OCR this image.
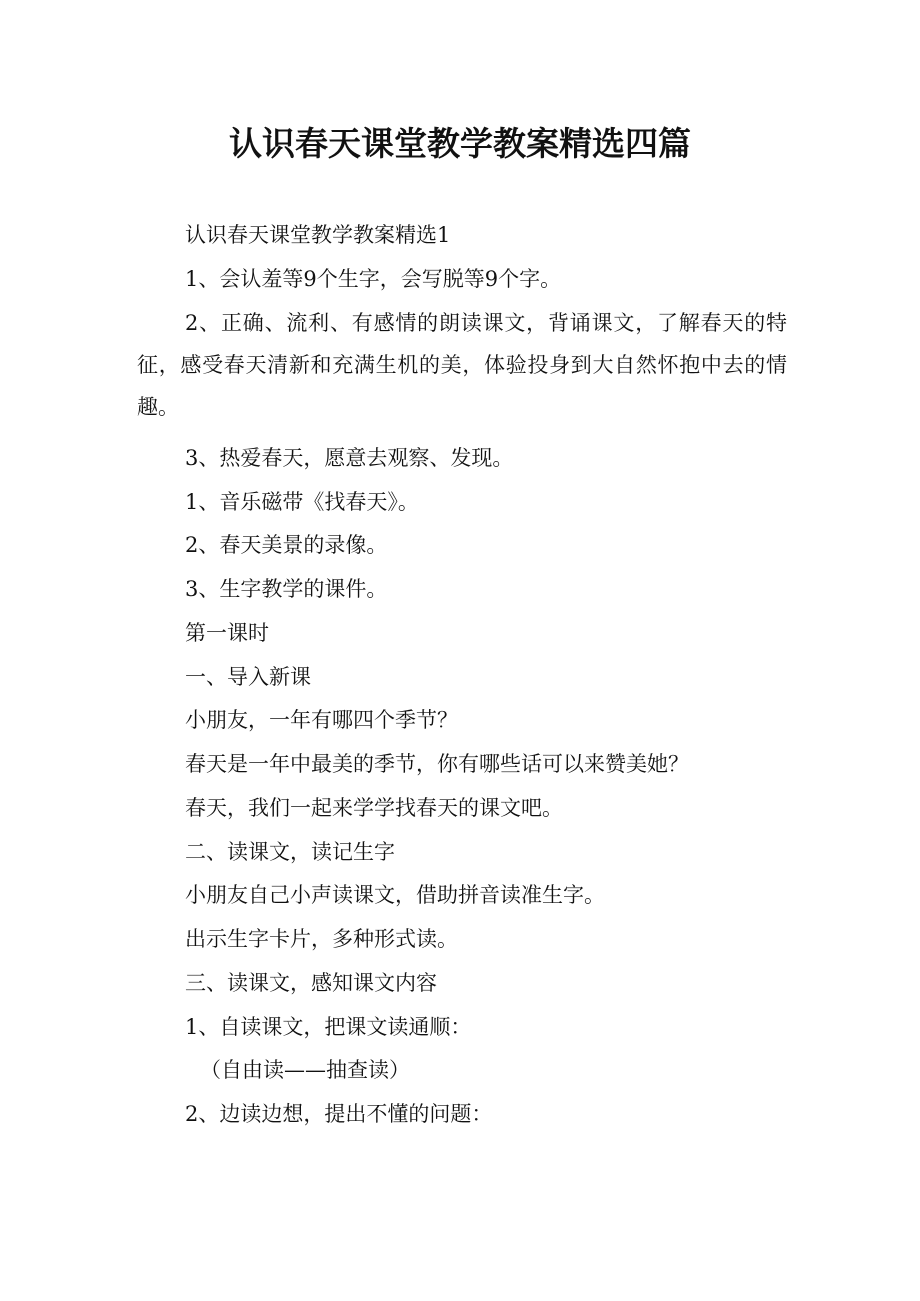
认识春天课堂教学教案精选四篇

认识春天课堂教学教案精选1

1、会认羞等9个生字，会写脱等9个字。

2、正确、流利、有感情的朗读课文，背诵课文，了解春天的特征，感受春天清新和充满生机的美，体验投身到大自然怀抱中去的情趣。

3、热爱春天，愿意去观察、发现。

1、音乐磁带《找春天》。

2、春天美景的录像。

3、生字教学的课件。

第一课时

一、导入新课

小朋友，一年有哪四个季节？

春天是一年中最美的季节，你有哪些话可以来赞美她？

春天，我们一起来学学找春天的课文吧。

二、读课文，读记生字

小朋友自己小声读课文，借助拼音读准生字。

出示生字卡片，多种形式读。

三、读课文，感知课文内容

1、自读课文，把课文读通顺：

（自由读——抽查读）

2、边读边想，提出不懂的问题：
